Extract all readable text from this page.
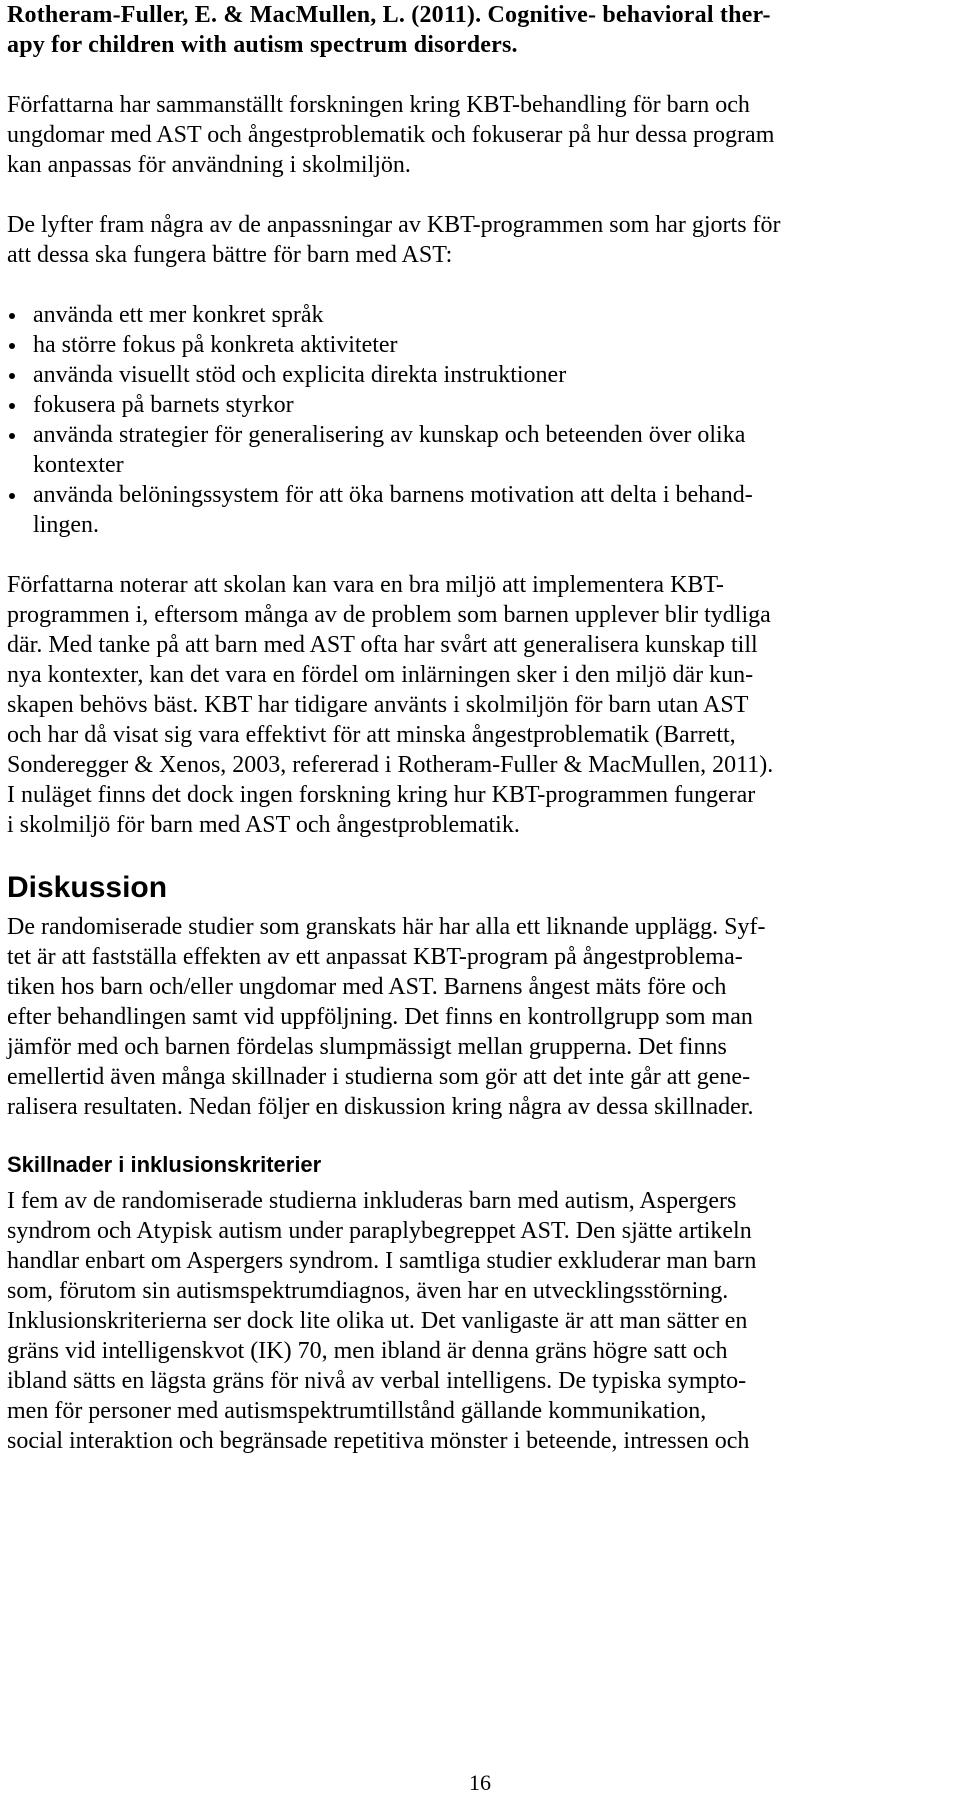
Rotheram-Fuller, E. & MacMullen, L. (2011). Cognitive- behavioral ther-
apy for children with autism spectrum disorders.

Författarna har sammanställt forskningen kring KBT-behandling för barn och
ungdomar med AST och ångestproblematik och fokuserar på hur dessa program
kan anpassas för användning i skolmiljön.

De lyfter fram några av de anpassningar av KBT-programmen som har gjorts för
att dessa ska fungera bättre för barn med AST:

använda ett mer konkret språk
ha större fokus på konkreta aktiviteter
använda visuellt stöd och explicita direkta instruktioner
fokusera på barnets styrkor
använda strategier för generalisering av kunskap och beteenden över olika
kontexter
använda belöningssystem för att öka barnens motivation att delta i behand-
lingen.

Författarna noterar att skolan kan vara en bra miljö att implementera KBT-
programmen i, eftersom många av de problem som barnen upplever blir tydliga
där. Med tanke på att barn med AST ofta har svårt att generalisera kunskap till
nya kontexter, kan det vara en fördel om inlärningen sker i den miljö där kun-
skapen behövs bäst. KBT har tidigare använts i skolmiljön för barn utan AST
och har då visat sig vara effektivt för att minska ångestproblematik (Barrett,
Sonderegger & Xenos, 2003, refererad i Rotheram-Fuller & MacMullen, 2011).
I nuläget finns det dock ingen forskning kring hur KBT-programmen fungerar
i skolmiljö för barn med AST och ångestproblematik.

Diskussion

De randomiserade studier som granskats här har alla ett liknande upplägg. Syf-
tet är att fastställa effekten av ett anpassat KBT-program på ångestproblema-
tiken hos barn och/eller ungdomar med AST. Barnens ångest mäts före och
efter behandlingen samt vid uppföljning. Det finns en kontrollgrupp som man
jämför med och barnen fördelas slumpmässigt mellan grupperna. Det finns
emellertid även många skillnader i studierna som gör att det inte går att gene-
ralisera resultaten. Nedan följer en diskussion kring några av dessa skillnader.

Skillnader i inklusionskriterier

I fem av de randomiserade studierna inkluderas barn med autism, Aspergers
syndrom och Atypisk autism under paraplybegreppet AST. Den sjätte artikeln
handlar enbart om Aspergers syndrom. I samtliga studier exkluderar man barn
som, förutom sin autismspektrumdiagnos, även har en utvecklingsstörning.
Inklusionskriterierna ser dock lite olika ut. Det vanligaste är att man sätter en
gräns vid intelligenskvot (IK) 70, men ibland är denna gräns högre satt och
ibland sätts en lägsta gräns för nivå av verbal intelligens. De typiska sympto-
men för personer med autismspektrumtillstånd gällande kommunikation,
social interaktion och begränsade repetitiva mönster i beteende, intressen och

16
